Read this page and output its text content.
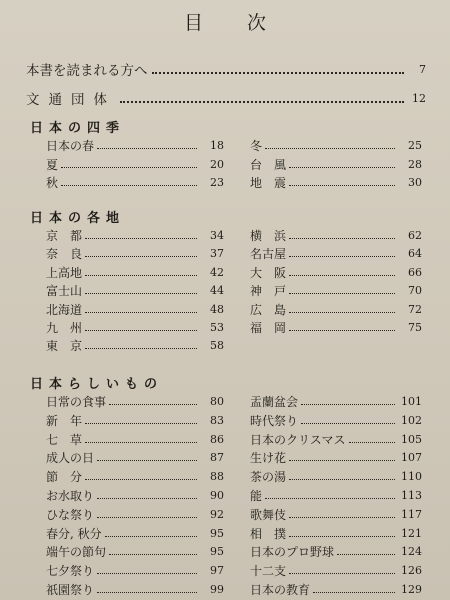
目次
本書を読まれる方へ	7
文通団体	12
日本の四季
日本の各地
日本らしいもの
日本の春	18
夏	20
秋	23
冬	25
台　風	28
地　震	30
京　都	34
奈　良	37
上高地	42
富士山	44
北海道	48
九　州	53
東　京	58
横　浜	62
名古屋	64
大　阪	66
神　戸	70
広　島	72
福　岡	75
日常の食事	80
新　年	83
七　草	86
成人の日	87
節　分	88
お水取り	90
ひな祭り	92
春分, 秋分	95
端午の節句	95
七夕祭り	97
祇園祭り	99
盂蘭盆会	101
時代祭り	102
日本のクリスマス	105
生け花	107
茶の湯	110
能	113
歌舞伎	117
相　撲	121
日本のプロ野球	124
十二支	126
日本の教育	129
